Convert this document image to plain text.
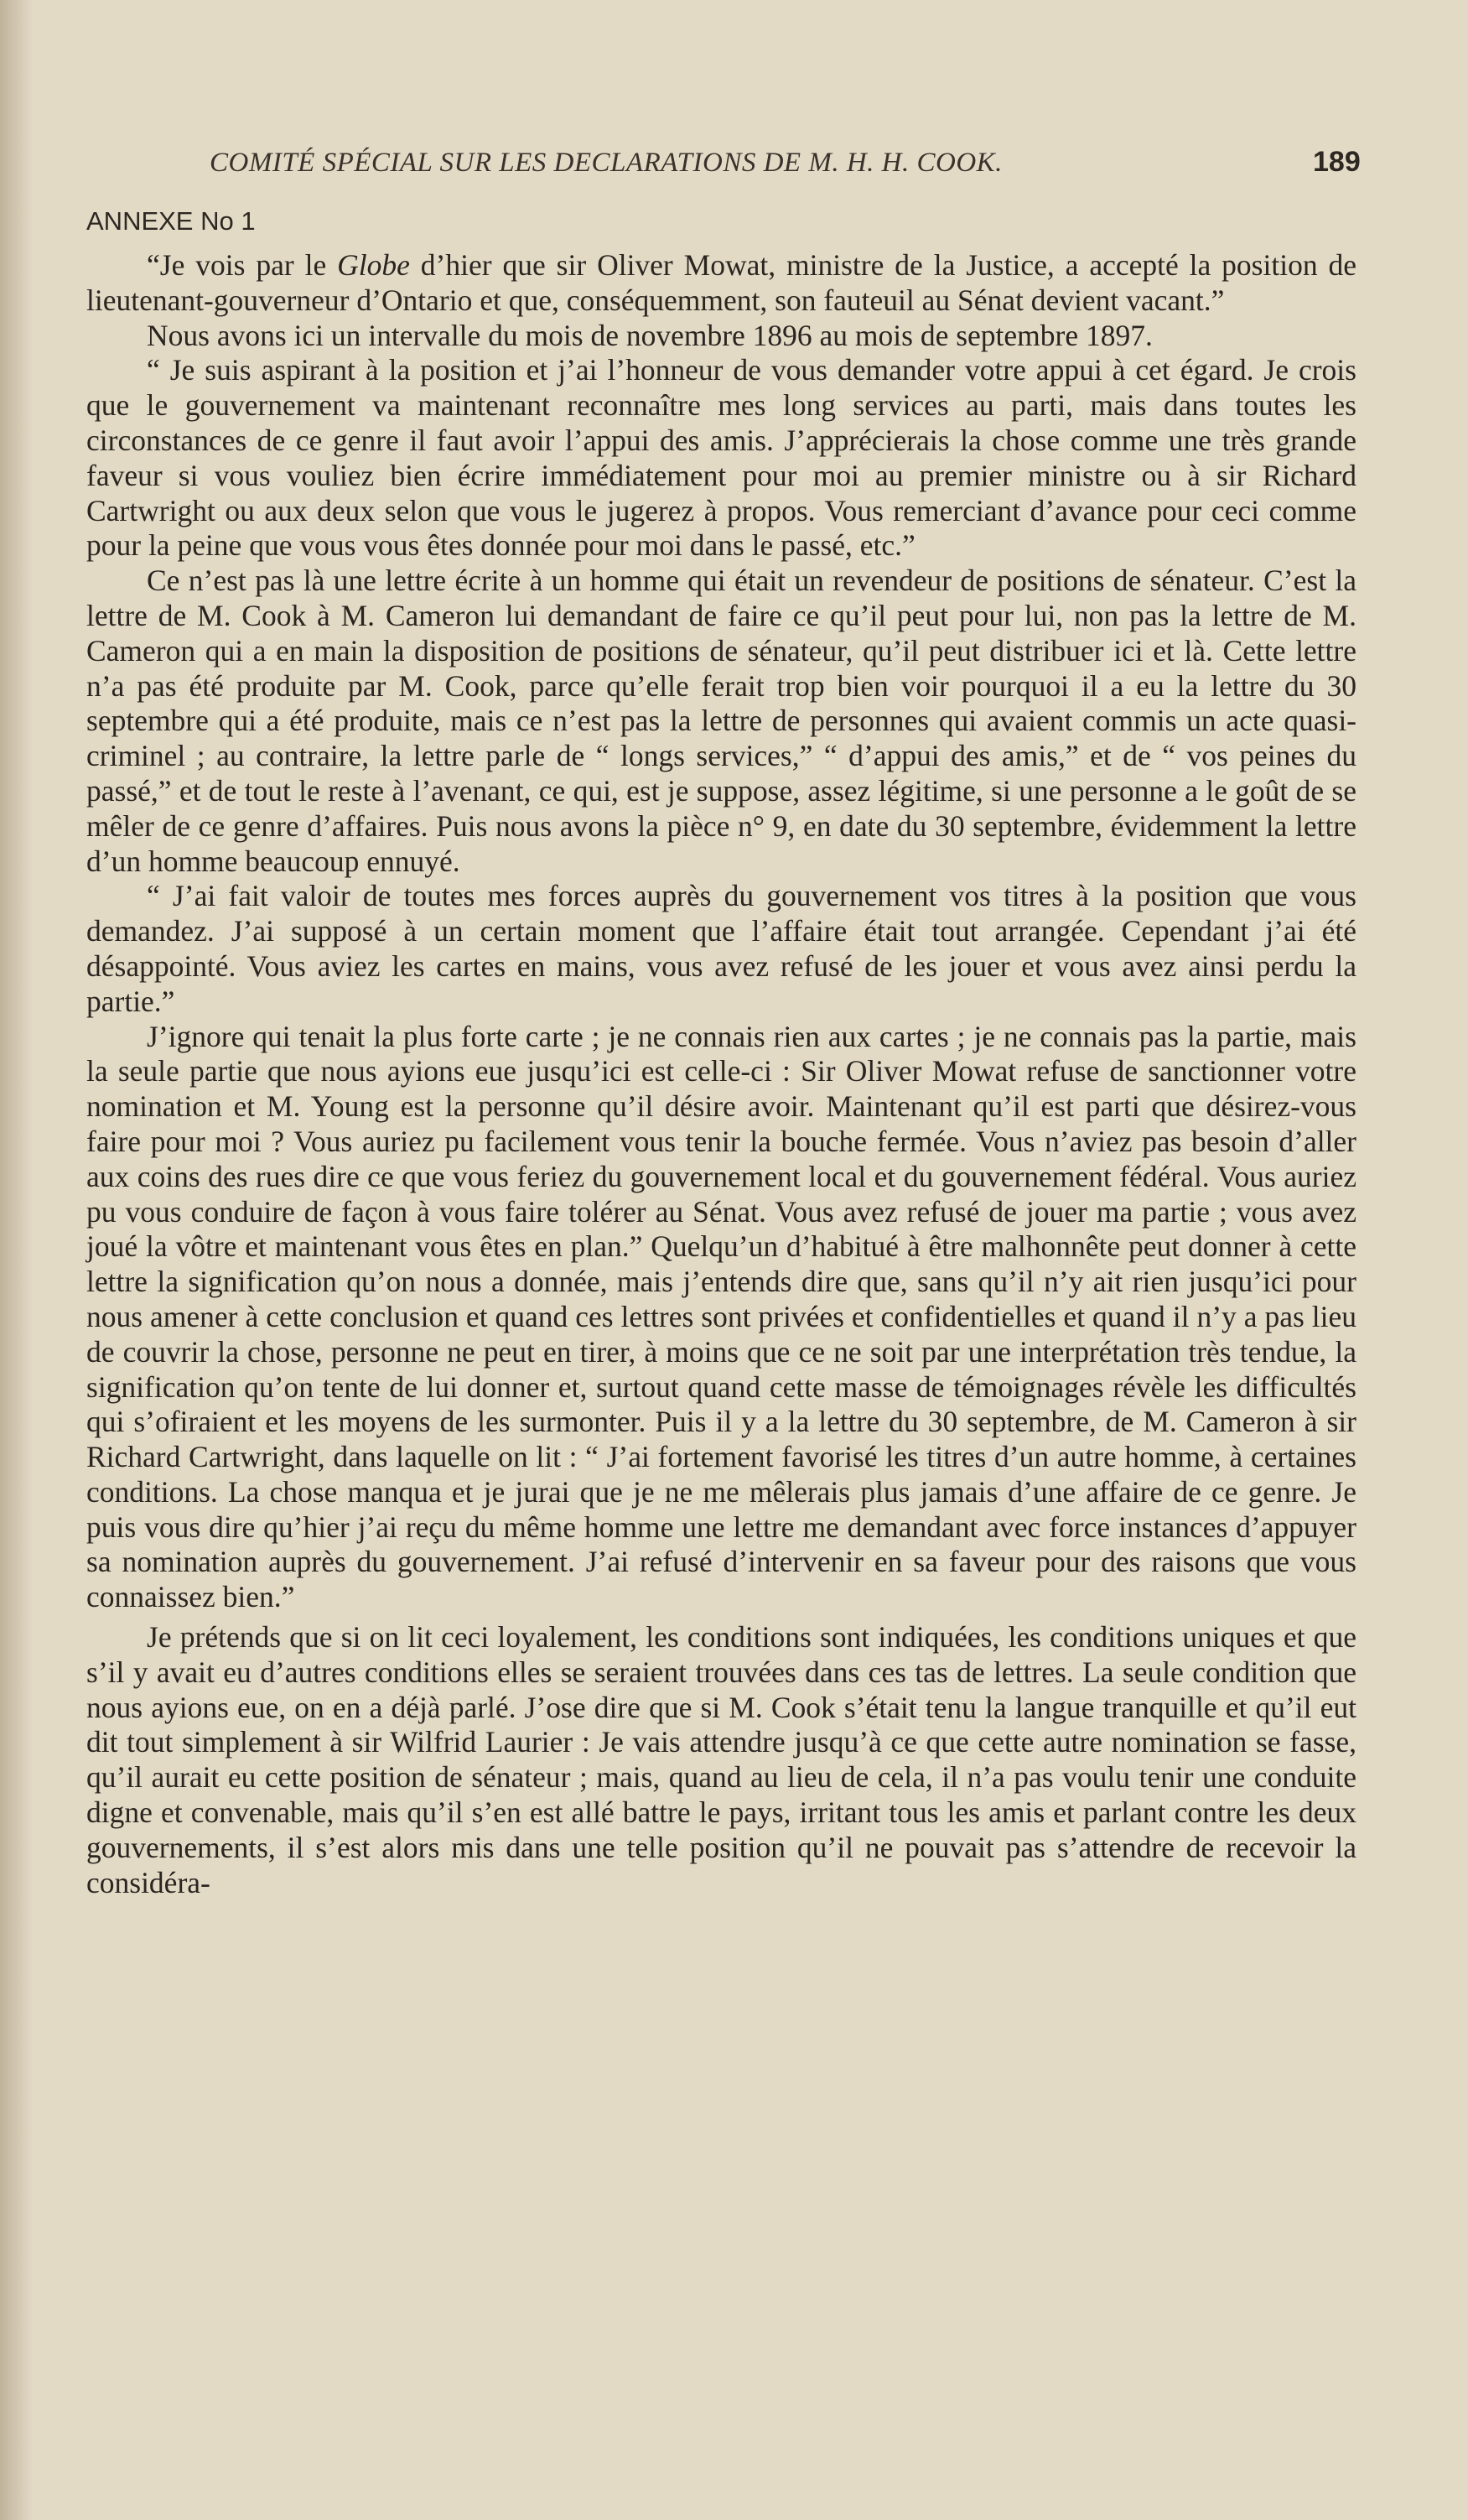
COMITÉ SPÉCIAL SUR LES DECLARATIONS DE M. H. H. COOK.	189
ANNEXE No 1

“Je vois par le Globe d’hier que sir Oliver Mowat, ministre de la Justice, a accepté la position de lieutenant-gouverneur d’Ontario et que, conséquemment, son fauteuil au Sénat devient vacant.”

Nous avons ici un intervalle du mois de novembre 1896 au mois de septembre 1897.

“ Je suis aspirant à la position et j’ai l’honneur de vous demander votre appui à cet égard. Je crois que le gouvernement va maintenant reconnaître mes long services au parti, mais dans toutes les circonstances de ce genre il faut avoir l’appui des amis. J’apprécierais la chose comme une très grande faveur si vous vouliez bien écrire immédiatement pour moi au premier ministre ou à sir Richard Cartwright ou aux deux selon que vous le jugerez à propos. Vous remerciant d’avance pour ceci comme pour la peine que vous vous êtes donnée pour moi dans le passé, etc.”

Ce n’est pas là une lettre écrite à un homme qui était un revendeur de positions de sénateur. C’est la lettre de M. Cook à M. Cameron lui demandant de faire ce qu’il peut pour lui, non pas la lettre de M. Cameron qui a en main la disposition de positions de sénateur, qu’il peut distribuer ici et là. Cette lettre n’a pas été produite par M. Cook, parce qu’elle ferait trop bien voir pourquoi il a eu la lettre du 30 septembre qui a été produite, mais ce n’est pas la lettre de personnes qui avaient commis un acte quasi-criminel ; au contraire, la lettre parle de “ longs services,” “ d’appui des amis,” et de “ vos peines du passé,” et de tout le reste à l’avenant, ce qui, est je suppose, assez légitime, si une personne a le goût de se mêler de ce genre d’affaires. Puis nous avons la pièce n° 9, en date du 30 septembre, évidemment la lettre d’un homme beaucoup ennuyé.

“ J’ai fait valoir de toutes mes forces auprès du gouvernement vos titres à la position que vous demandez. J’ai supposé à un certain moment que l’affaire était tout arrangée. Cependant j’ai été désappointé. Vous aviez les cartes en mains, vous avez refusé de les jouer et vous avez ainsi perdu la partie.”

J’ignore qui tenait la plus forte carte ; je ne connais rien aux cartes ; je ne connais pas la partie, mais la seule partie que nous ayions eue jusqu’ici est celle-ci : Sir Oliver Mowat refuse de sanctionner votre nomination et M. Young est la personne qu’il désire avoir. Maintenant qu’il est parti que désirez-vous faire pour moi ? Vous auriez pu facilement vous tenir la bouche fermée. Vous n’aviez pas besoin d’aller aux coins des rues dire ce que vous feriez du gouvernement local et du gouvernement fédéral. Vous auriez pu vous conduire de façon à vous faire tolérer au Sénat. Vous avez refusé de jouer ma partie ; vous avez joué la vôtre et maintenant vous êtes en plan.” Quelqu’un d’habitué à être malhonnête peut donner à cette lettre la signification qu’on nous a donnée, mais j’entends dire que, sans qu’il n’y ait rien jusqu’ici pour nous amener à cette conclusion et quand ces lettres sont privées et confidentielles et quand il n’y a pas lieu de couvrir la chose, personne ne peut en tirer, à moins que ce ne soit par une interprétation très tendue, la signification qu’on tente de lui donner et, surtout quand cette masse de témoignages révèle les difficultés qui s’ofiraient et les moyens de les surmonter. Puis il y a la lettre du 30 septembre, de M. Cameron à sir Richard Cartwright, dans laquelle on lit : “ J’ai fortement favorisé les titres d’un autre homme, à certaines conditions. La chose manqua et je jurai que je ne me mêlerais plus jamais d’une affaire de ce genre. Je puis vous dire qu’hier j’ai reçu du même homme une lettre me demandant avec force instances d’appuyer sa nomination auprès du gouvernement. J’ai refusé d’intervenir en sa faveur pour des raisons que vous connaissez bien.”

Je prétends que si on lit ceci loyalement, les conditions sont indiquées, les conditions uniques et que s’il y avait eu d’autres conditions elles se seraient trouvées dans ces tas de lettres. La seule condition que nous ayions eue, on en a déjà parlé. J’ose dire que si M. Cook s’était tenu la langue tranquille et qu’il eut dit tout simplement à sir Wilfrid Laurier : Je vais attendre jusqu’à ce que cette autre nomination se fasse, qu’il aurait eu cette position de sénateur ; mais, quand au lieu de cela, il n’a pas voulu tenir une conduite digne et convenable, mais qu’il s’en est allé battre le pays, irritant tous les amis et parlant contre les deux gouvernements, il s’est alors mis dans une telle position qu’il ne pouvait pas s’attendre de recevoir la considéra-
